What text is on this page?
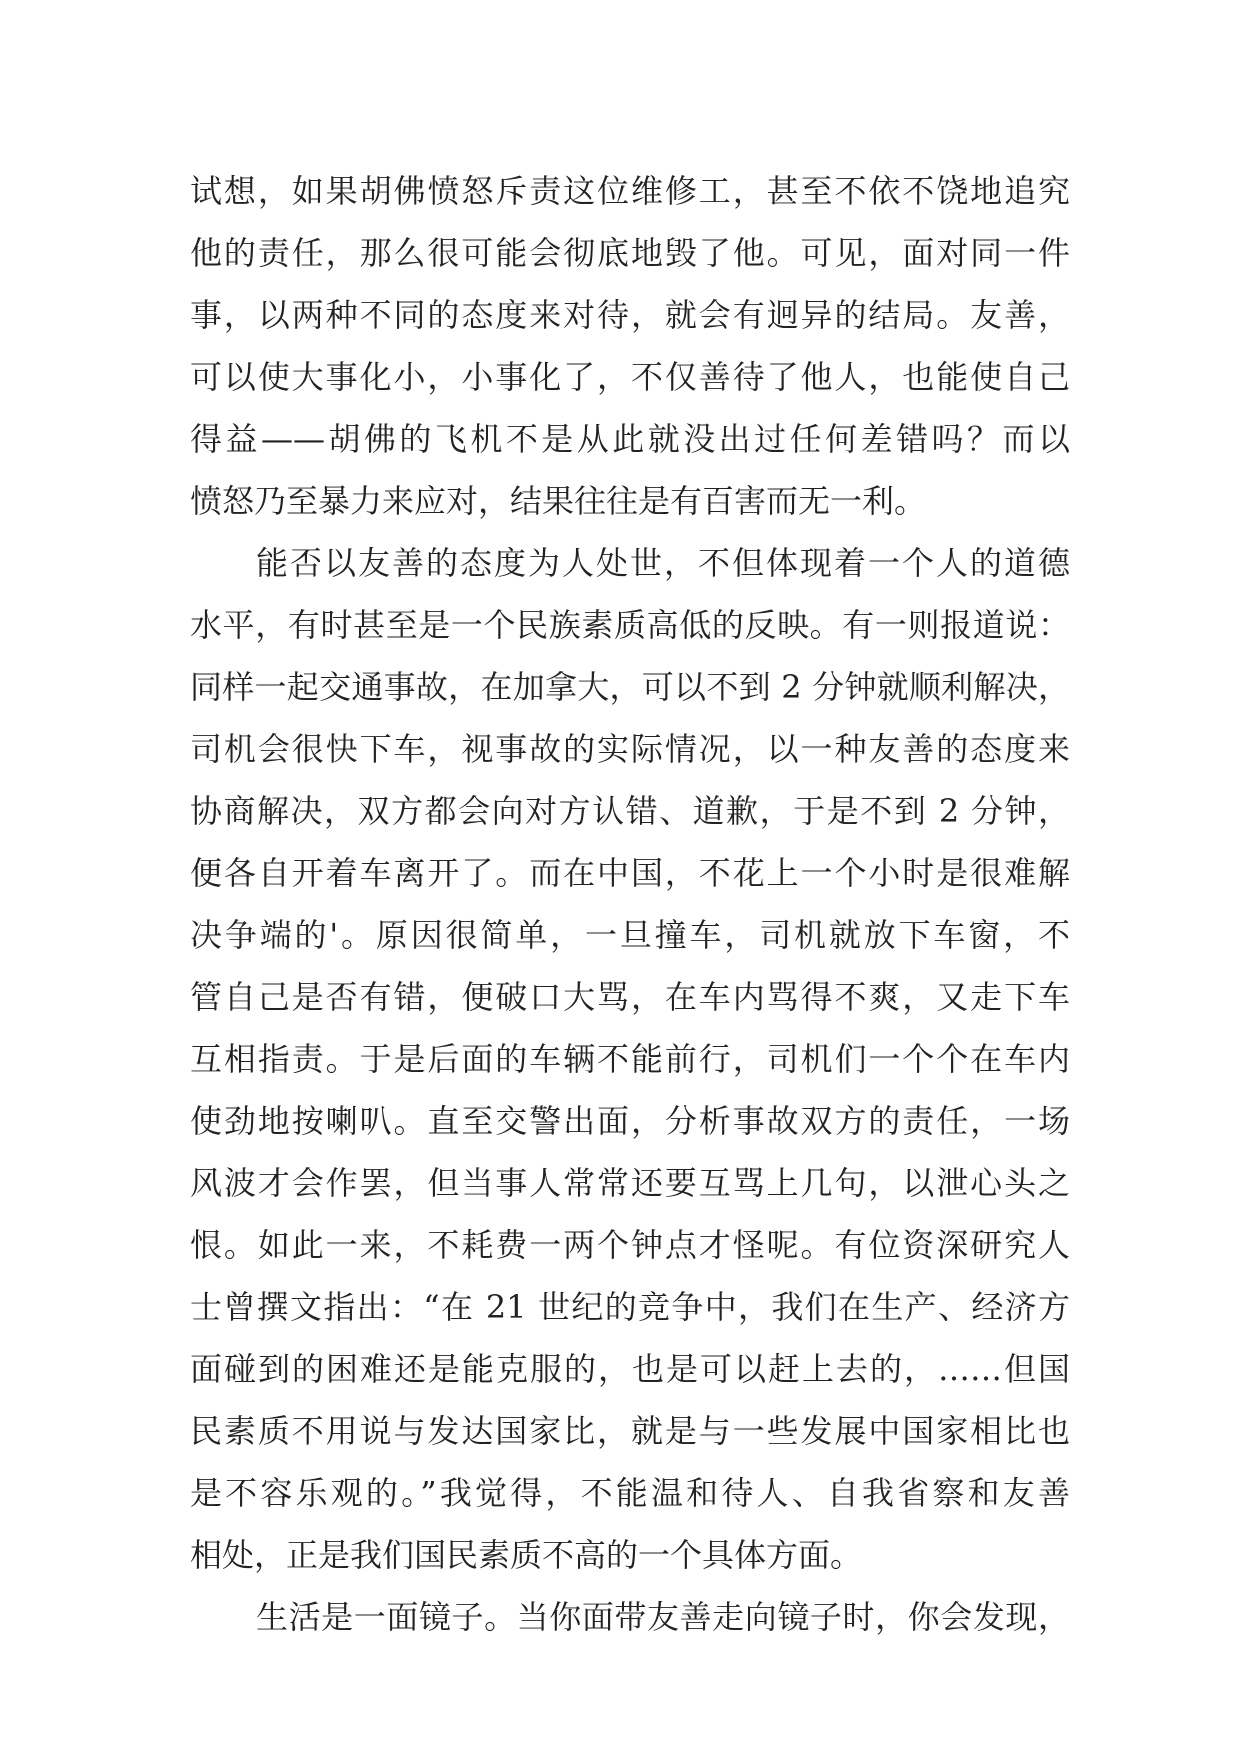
试想，如果胡佛愤怒斥责这位维修工，甚至不依不饶地追究
他的责任，那么很可能会彻底地毁了他。可见，面对同一件
事，以两种不同的态度来对待，就会有迥异的结局。友善，
可以使大事化小，小事化了，不仅善待了他人，也能使自己
得益——胡佛的飞机不是从此就没出过任何差错吗？而以
愤怒乃至暴力来应对，结果往往是有百害而无一利。
能否以友善的态度为人处世，不但体现着一个人的道德
水平，有时甚至是一个民族素质高低的反映。有一则报道说：
同样一起交通事故，在加拿大，可以不到 2 分钟就顺利解决，
司机会很快下车，视事故的实际情况，以一种友善的态度来
协商解决，双方都会向对方认错、道歉，于是不到 2 分钟，
便各自开着车离开了。而在中国，不花上一个小时是很难解
决争端的'。原因很简单，一旦撞车，司机就放下车窗，不
管自己是否有错，便破口大骂，在车内骂得不爽，又走下车
互相指责。于是后面的车辆不能前行，司机们一个个在车内
使劲地按喇叭。直至交警出面，分析事故双方的责任，一场
风波才会作罢，但当事人常常还要互骂上几句，以泄心头之
恨。如此一来，不耗费一两个钟点才怪呢。有位资深研究人
士曾撰文指出：“在 21 世纪的竞争中，我们在生产、经济方
面碰到的困难还是能克服的，也是可以赶上去的，……但国
民素质不用说与发达国家比，就是与一些发展中国家相比也
是不容乐观的。”我觉得，不能温和待人、自我省察和友善
相处，正是我们国民素质不高的一个具体方面。
生活是一面镜子。当你面带友善走向镜子时，你会发现，
